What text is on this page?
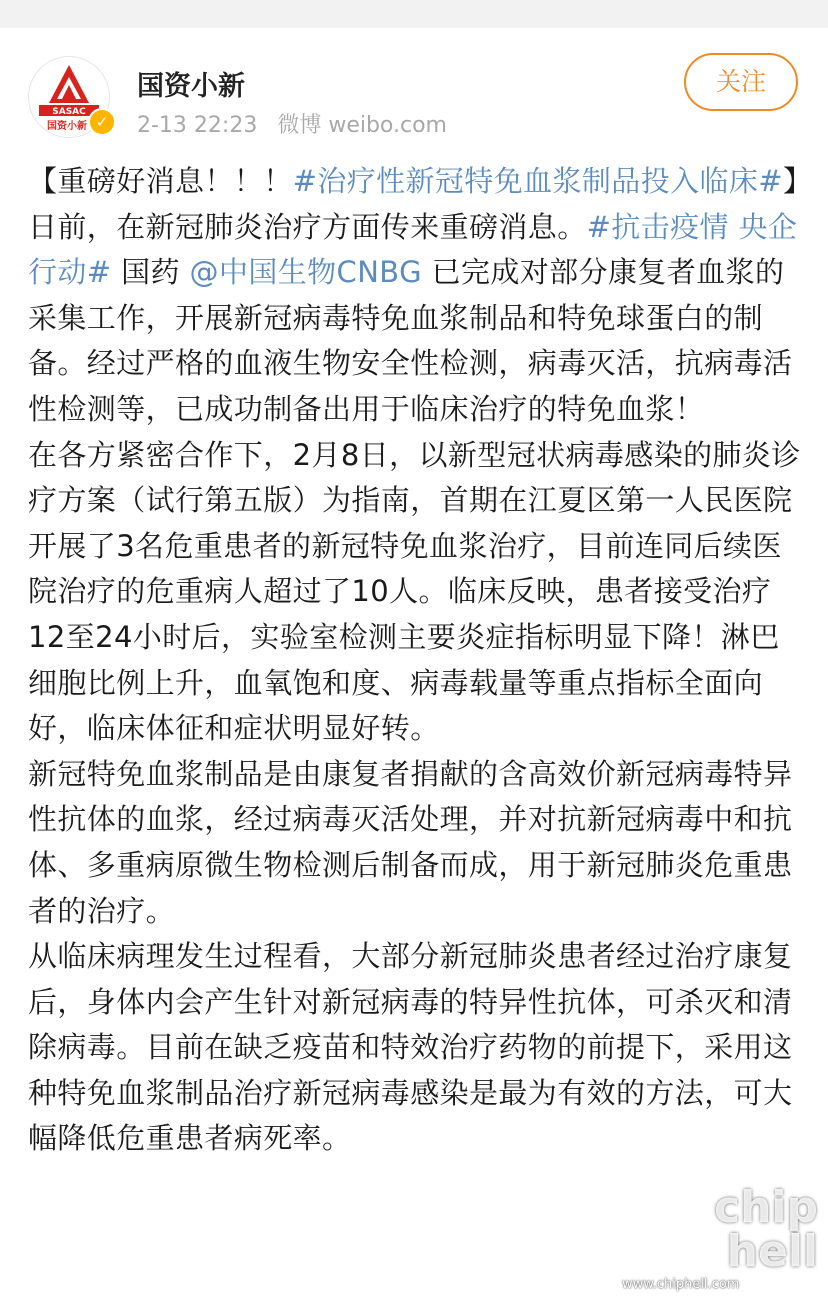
SASAC
国资小新 ✓
国资小新
2-13 22:23 微博 weibo.com
关注

【重磅好消息！！！#治疗性新冠特免血浆制品投入临床#】日前，在新冠肺炎治疗方面传来重磅消息。#抗击疫情 央企行动# 国药 @中国生物CNBG 已完成对部分康复者血浆的采集工作，开展新冠病毒特免血浆制品和特免球蛋白的制备。经过严格的血液生物安全性检测，病毒灭活，抗病毒活性检测等，已成功制备出用于临床治疗的特免血浆！

在各方紧密合作下，2月8日，以新型冠状病毒感染的肺炎诊疗方案（试行第五版）为指南，首期在江夏区第一人民医院开展了3名危重患者的新冠特免血浆治疗，目前连同后续医院治疗的危重病人超过了10人。临床反映，患者接受治疗12至24小时后，实验室检测主要炎症指标明显下降！淋巴细胞比例上升，血氧饱和度、病毒载量等重点指标全面向好，临床体征和症状明显好转。

新冠特免血浆制品是由康复者捐献的含高效价新冠病毒特异性抗体的血浆，经过病毒灭活处理，并对抗新冠病毒中和抗体、多重病原微生物检测后制备而成，用于新冠肺炎危重患者的治疗。

从临床病理发生过程看，大部分新冠肺炎患者经过治疗康复后，身体内会产生针对新冠病毒的特异性抗体，可杀灭和清除病毒。目前在缺乏疫苗和特效治疗药物的前提下，采用这种特免血浆制品治疗新冠病毒感染是最为有效的方法，可大幅降低危重患者病死率。

chip hell
www.chiphell.com
